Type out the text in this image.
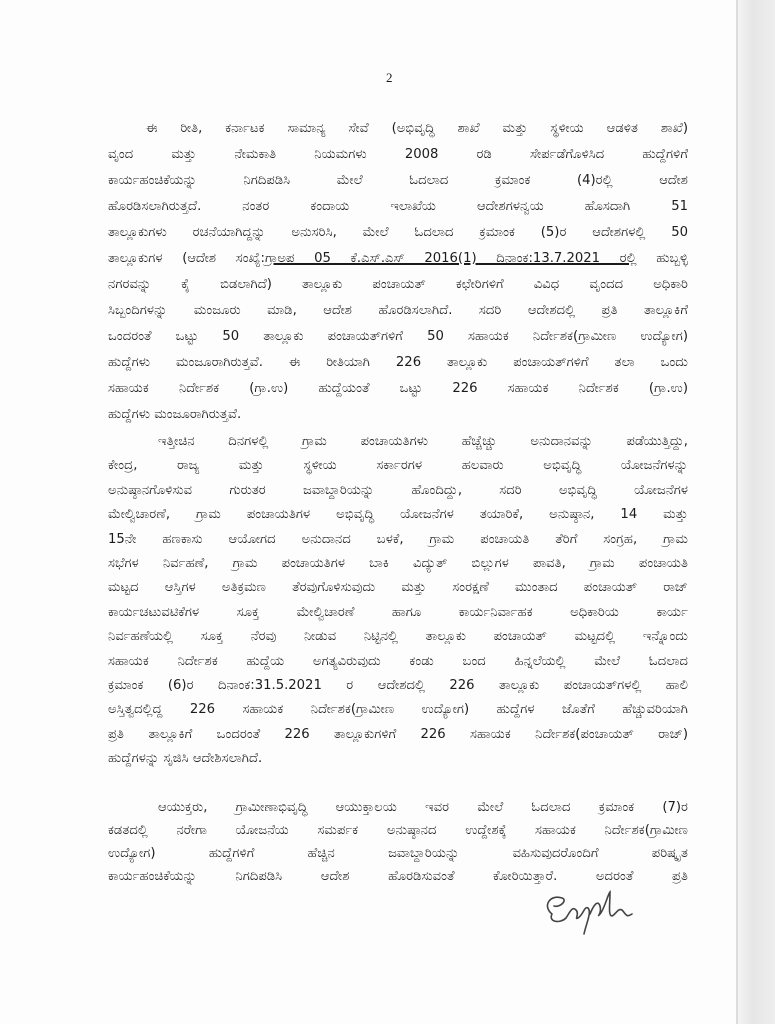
2
ಈ ರೀತಿ, ಕರ್ನಾಟಕ ಸಾಮಾನ್ಯ ಸೇವೆ (ಅಭಿವೃದ್ಧಿ ಶಾಖೆ ಮತ್ತು ಸ್ಥಳೀಯ ಆಡಳಿತ ಶಾಖೆ)
ವೃಂದ ಮತ್ತು ನೇಮಕಾತಿ ನಿಯಮಗಳು 2008 ರಡಿ ಸೇರ್ಪಡೆಗೊಳಿಸಿದ ಹುದ್ದೆಗಳಿಗೆ
ಕಾರ್ಯಹಂಚಿಕೆಯನ್ನು ನಿಗದಿಪಡಿಸಿ ಮೇಲೆ ಓದಲಾದ ಕ್ರಮಾಂಕ (4)ರಲ್ಲಿ ಆದೇಶ
ಹೊರಡಿಸಲಾಗಿರುತ್ತದೆ. ನಂತರ ಕಂದಾಯ ಇಲಾಖೆಯ ಆದೇಶಗಳನ್ವಯ ಹೊಸದಾಗಿ 51
ತಾಲ್ಲೂಕುಗಳು ರಚನೆಯಾಗಿದ್ದನ್ನು ಅನುಸರಿಸಿ, ಮೇಲೆ ಓದಲಾದ ಕ್ರಮಾಂಕ (5)ರ ಆದೇಶಗಳಲ್ಲಿ 50
ತಾಲ್ಲೂಕುಗಳ (ಆದೇಶ ಸಂಖ್ಯೆ:ಗ್ರಾಅಪ 05 ಕೆ.ಎಸ್.ಎಸ್ 2016(1) ದಿನಾಂಕ:13.7.2021 ರಲ್ಲಿ ಹುಬ್ಬಳ್ಳಿ
ನಗರವನ್ನು ಕೈ ಬಿಡಲಾಗಿದೆ) ತಾಲ್ಲೂಕು ಪಂಚಾಯತ್ ಕಛೇರಿಗಳಿಗೆ ವಿವಿಧ ವೃಂದದ ಅಧಿಕಾರಿ
ಸಿಬ್ಬಂದಿಗಳನ್ನು ಮಂಜೂರು ಮಾಡಿ, ಆದೇಶ ಹೊರಡಿಸಲಾಗಿದೆ. ಸದರಿ ಆದೇಶದಲ್ಲಿ ಪ್ರತಿ ತಾಲ್ಲೂಕಿಗೆ
ಒಂದರಂತೆ ಒಟ್ಟು 50 ತಾಲ್ಲೂಕು ಪಂಚಾಯತ್‌ಗಳಿಗೆ 50 ಸಹಾಯಕ ನಿರ್ದೇಶಕ(ಗ್ರಾಮೀಣ ಉದ್ಯೋಗ)
ಹುದ್ದೆಗಳು ಮಂಜೂರಾಗಿರುತ್ತವೆ. ಈ ರೀತಿಯಾಗಿ 226 ತಾಲ್ಲೂಕು ಪಂಚಾಯತ್‌ಗಳಿಗೆ ತಲಾ ಒಂದು
ಸಹಾಯಕ ನಿರ್ದೇಶಕ (ಗ್ರಾ.ಉ) ಹುದ್ದೆಯಂತೆ ಒಟ್ಟು 226 ಸಹಾಯಕ ನಿರ್ದೇಶಕ (ಗ್ರಾ.ಉ)
ಹುದ್ದೆಗಳು ಮಂಜೂರಾಗಿರುತ್ತವೆ.
ಇತ್ತೀಚಿನ ದಿನಗಳಲ್ಲಿ ಗ್ರಾಮ ಪಂಚಾಯತಿಗಳು ಹೆಚ್ಚೆಚ್ಚು ಅನುದಾನವನ್ನು ಪಡೆಯುತ್ತಿದ್ದು,
ಕೇಂದ್ರ, ರಾಜ್ಯ ಮತ್ತು ಸ್ಥಳೀಯ ಸರ್ಕಾರಗಳ ಹಲವಾರು ಅಭಿವೃದ್ಧಿ ಯೋಜನೆಗಳನ್ನು
ಅನುಷ್ಠಾನಗೊಳಿಸುವ ಗುರುತರ ಜವಾಬ್ದಾರಿಯನ್ನು ಹೊಂದಿದ್ದು, ಸದರಿ ಅಭಿವೃದ್ಧಿ ಯೋಜನೆಗಳ
ಮೇಲ್ವಿಚಾರಣೆ, ಗ್ರಾಮ ಪಂಚಾಯತಿಗಳ ಅಭಿವೃದ್ಧಿ ಯೋಜನೆಗಳ ತಯಾರಿಕೆ, ಅನುಷ್ಠಾನ, 14 ಮತ್ತು
15ನೇ ಹಣಕಾಸು ಆಯೋಗದ ಅನುದಾನದ ಬಳಕೆ, ಗ್ರಾಮ ಪಂಚಾಯತಿ ತೆರಿಗೆ ಸಂಗ್ರಹ, ಗ್ರಾಮ
ಸಭೆಗಳ ನಿರ್ವಹಣೆ, ಗ್ರಾಮ ಪಂಚಾಯತಿಗಳ ಬಾಕಿ ವಿದ್ಯುತ್ ಬಿಲ್ಲುಗಳ ಪಾವತಿ, ಗ್ರಾಮ ಪಂಚಾಯತಿ
ಮಟ್ಟದ ಆಸ್ತಿಗಳ ಅತಿಕ್ರಮಣ ತೆರವುಗೊಳಿಸುವುದು ಮತ್ತು ಸಂರಕ್ಷಣೆ ಮುಂತಾದ ಪಂಚಾಯತ್ ರಾಜ್
ಕಾರ್ಯಚಟುವಟಿಕೆಗಳ ಸೂಕ್ತ ಮೇಲ್ವಿಚಾರಣೆ ಹಾಗೂ ಕಾರ್ಯನಿರ್ವಾಹಕ ಅಧಿಕಾರಿಯ ಕಾರ್ಯ
ನಿರ್ವಹಣೆಯಲ್ಲಿ ಸೂಕ್ತ ನೆರವು ನೀಡುವ ನಿಟ್ಟಿನಲ್ಲಿ ತಾಲ್ಲೂಕು ಪಂಚಾಯತ್ ಮಟ್ಟದಲ್ಲಿ ಇನ್ನೊಂದು
ಸಹಾಯಕ ನಿರ್ದೇಶಕ ಹುದ್ದೆಯ ಅಗತ್ಯವಿರುವುದು ಕಂಡು ಬಂದ ಹಿನ್ನಲೆಯಲ್ಲಿ ಮೇಲೆ ಓದಲಾದ
ಕ್ರಮಾಂಕ (6)ರ ದಿನಾಂಕ:31.5.2021 ರ ಆದೇಶದಲ್ಲಿ 226 ತಾಲ್ಲೂಕು ಪಂಚಾಯತ್‌ಗಳಲ್ಲಿ ಹಾಲಿ
ಅಸ್ತಿತ್ವದಲ್ಲಿದ್ದ 226 ಸಹಾಯಕ ನಿರ್ದೇಶಕ(ಗ್ರಾಮೀಣ ಉದ್ಯೋಗ) ಹುದ್ದೆಗಳ ಜೊತೆಗೆ ಹೆಚ್ಚುವರಿಯಾಗಿ
ಪ್ರತಿ ತಾಲ್ಲೂಕಿಗೆ ಒಂದರಂತೆ 226 ತಾಲ್ಲೂಕುಗಳಿಗೆ 226 ಸಹಾಯಕ ನಿರ್ದೇಶಕ(ಪಂಚಾಯತ್ ರಾಜ್)
ಹುದ್ದೆಗಳನ್ನು ಸೃಜಿಸಿ ಆದೇಶಿಸಲಾಗಿದೆ.
ಆಯುಕ್ತರು, ಗ್ರಾಮೀಣಾಭಿವೃದ್ಧಿ ಆಯುಕ್ತಾಲಯ ಇವರ ಮೇಲೆ ಓದಲಾದ ಕ್ರಮಾಂಕ (7)ರ
ಕಡತದಲ್ಲಿ ನರೇಗಾ ಯೋಜನೆಯ ಸಮರ್ಪಕ ಅನುಷ್ಠಾನದ ಉದ್ದೇಶಕ್ಕೆ ಸಹಾಯಕ ನಿರ್ದೇಶಕ(ಗ್ರಾಮೀಣ
ಉದ್ಯೋಗ) ಹುದ್ದೆಗಳಿಗೆ ಹೆಚ್ಚಿನ ಜವಾಬ್ದಾರಿಯನ್ನು ವಹಿಸುವುದರೊಂದಿಗೆ ಪರಿಷ್ಕೃತ
ಕಾರ್ಯಹಂಚಿಕೆಯನ್ನು ನಿಗದಿಪಡಿಸಿ ಆದೇಶ ಹೊರಡಿಸುವಂತೆ ಕೋರಿಯಿತ್ತಾರೆ. ಅದರಂತೆ ಪ್ರತಿ
